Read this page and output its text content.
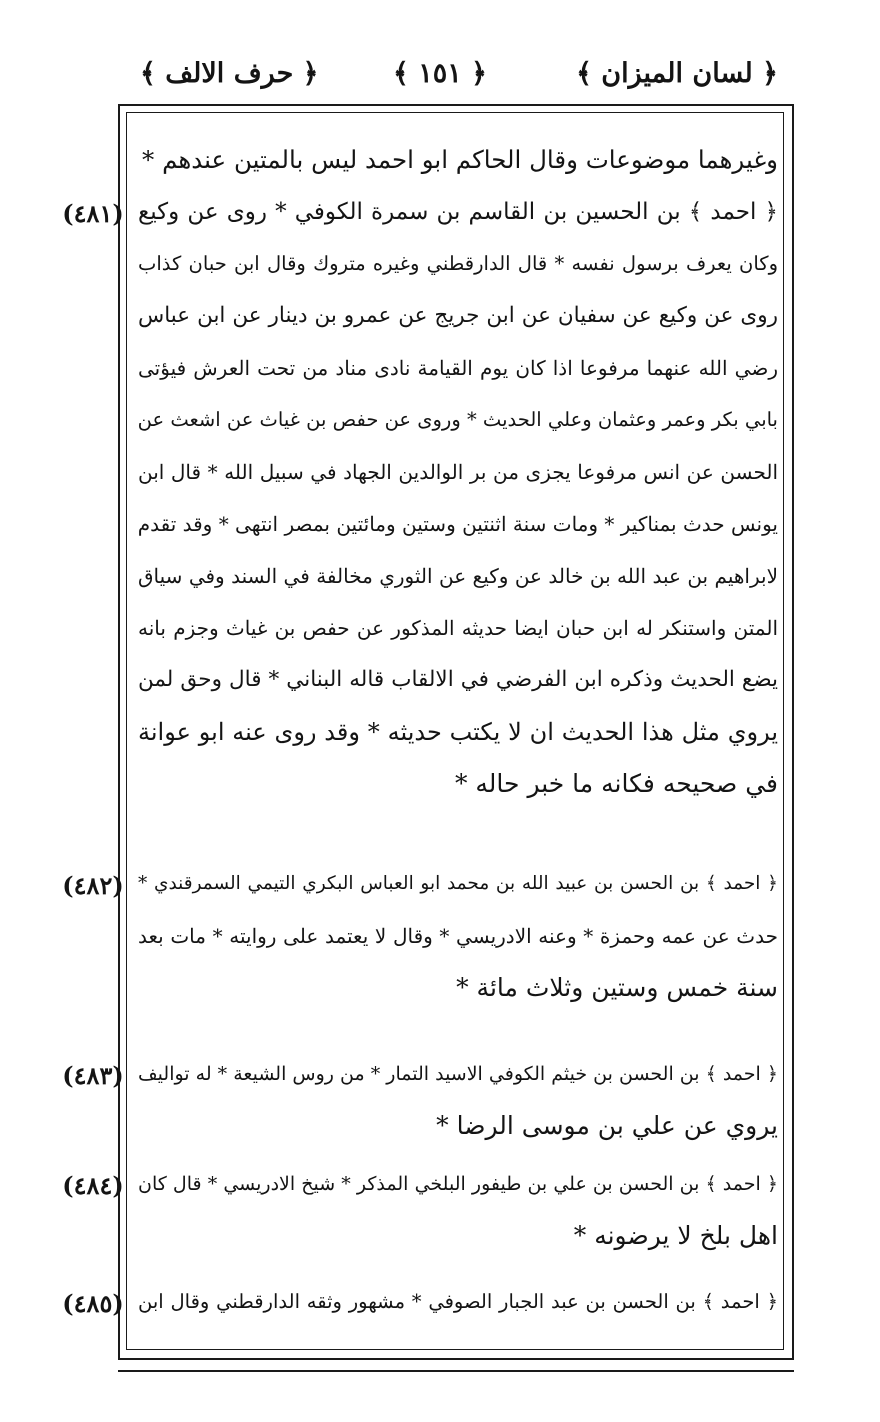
﴿ لسان الميزان ﴾
﴿ ١٥١ ﴾
﴿ حرف الالف ﴾
وغيرهما موضوعات وقال الحاكم ابو احمد ليس بالمتين عندهم *
﴿ احمد ﴾ بن الحسين بن القاسم بن سمرة الكوفي * روى عن وكيع
وكان يعرف برسول نفسه * قال الدارقطني وغيره متروك وقال ابن حبان كذاب
روى عن وكيع عن سفيان عن ابن جريج عن عمرو بن دينار عن ابن عباس
رضي الله عنهما مرفوعا اذا كان يوم القيامة نادى مناد من تحت العرش فيؤتى
بابي بكر وعمر وعثمان وعلي الحديث * وروى عن حفص بن غياث عن اشعث عن
الحسن عن انس مرفوعا يجزى من بر الوالدين الجهاد في سبيل الله * قال ابن
يونس حدث بمناكير * ومات سنة اثنتين وستين ومائتين بمصر انتهى * وقد تقدم
لابراهيم بن عبد الله بن خالد عن وكيع عن الثوري مخالفة في السند وفي سياق
المتن واستنكر له ابن حبان ايضا حديثه المذكور عن حفص بن غياث وجزم بانه
يضع الحديث وذكره ابن الفرضي في الالقاب قاله البناني * قال وحق لمن
يروي مثل هذا الحديث ان لا يكتب حديثه * وقد روى عنه ابو عوانة
في صحيحه فكانه ما خبر حاله *
﴿ احمد ﴾ بن الحسن بن عبيد الله بن محمد ابو العباس البكري التيمي السمرقندي *
حدث عن عمه وحمزة * وعنه الادريسي * وقال لا يعتمد على روايته * مات بعد
سنة خمس وستين وثلاث مائة *
﴿ احمد ﴾ بن الحسن بن خيثم الكوفي الاسيد التمار * من روس الشيعة * له تواليف
يروي عن علي بن موسى الرضا *
﴿ احمد ﴾ بن الحسن بن علي بن طيفور البلخي المذكر * شيخ الادريسي * قال كان
اهل بلخ لا يرضونه *
﴿ احمد ﴾ بن الحسن بن عبد الجبار الصوفي * مشهور وثقه الدارقطني وقال ابن
(٤٨١)
(٤٨٢)
(٤٨٣)
(٤٨٤)
(٤٨٥)
